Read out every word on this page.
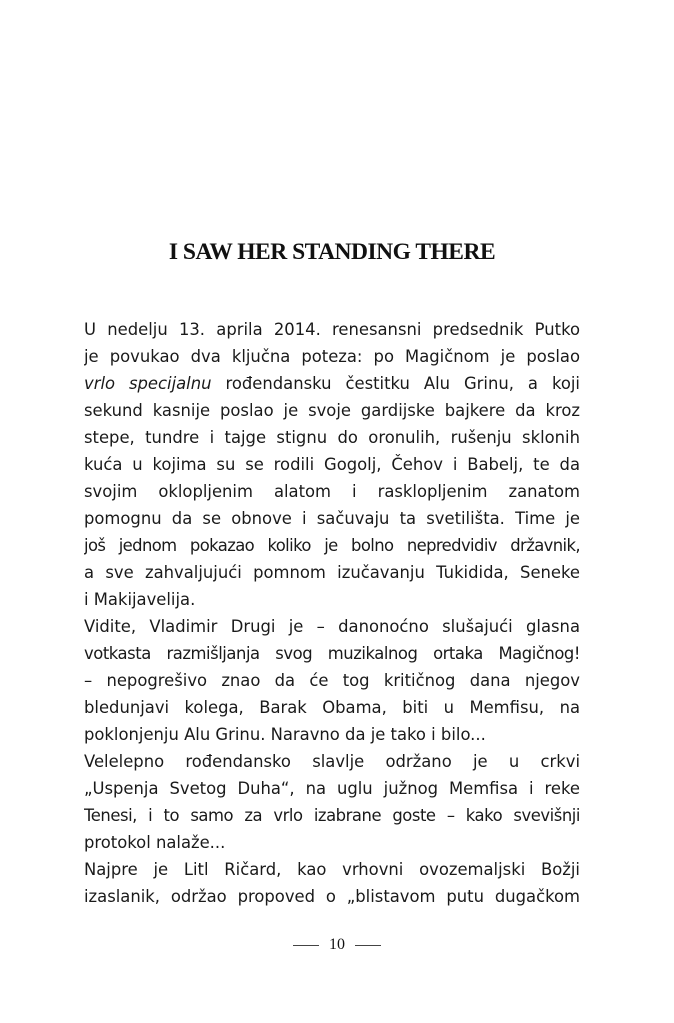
I SAW HER STANDING THERE
U nedelju 13. aprila 2014. renesansni predsednik Putko
je povukao dva ključna poteza: po Magičnom je poslao
vrlo specijalnu rođendansku čestitku Alu Grinu, a koji
sekund kasnije poslao je svoje gardijske bajkere da kroz
stepe, tundre i tajge stignu do oronulih, rušenju sklonih
kuća u kojima su se rodili Gogolj, Čehov i Babelj, te da
svojim oklopljenim alatom i rasklopljenim zanatom
pomognu da se obnove i sačuvaju ta svetilišta. Time je
još jednom pokazao koliko je bolno nepredvidiv državnik,
a sve zahvaljujući pomnom izučavanju Tukidida, Seneke
i Makijavelija.
Vidite, Vladimir Drugi je – danonoćno slušajući glasna
votkasta razmišljanja svog muzikalnog ortaka Magičnog!
– nepogrešivo znao da će tog kritičnog dana njegov
bledunjavi kolega, Barak Obama, biti u Memfisu, na
poklonjenju Alu Grinu. Naravno da je tako i bilo...
Velelepno rođendansko slavlje održano je u crkvi
„Uspenja Svetog Duha“, na uglu južnog Memfisa i reke
Tenesi, i to samo za vrlo izabrane goste – kako svevišnji
protokol nalaže...
Najpre je Litl Ričard, kao vrhovni ovozemaljski Božji
izaslanik, održao propoved o „blistavom putu dugačkom
10
